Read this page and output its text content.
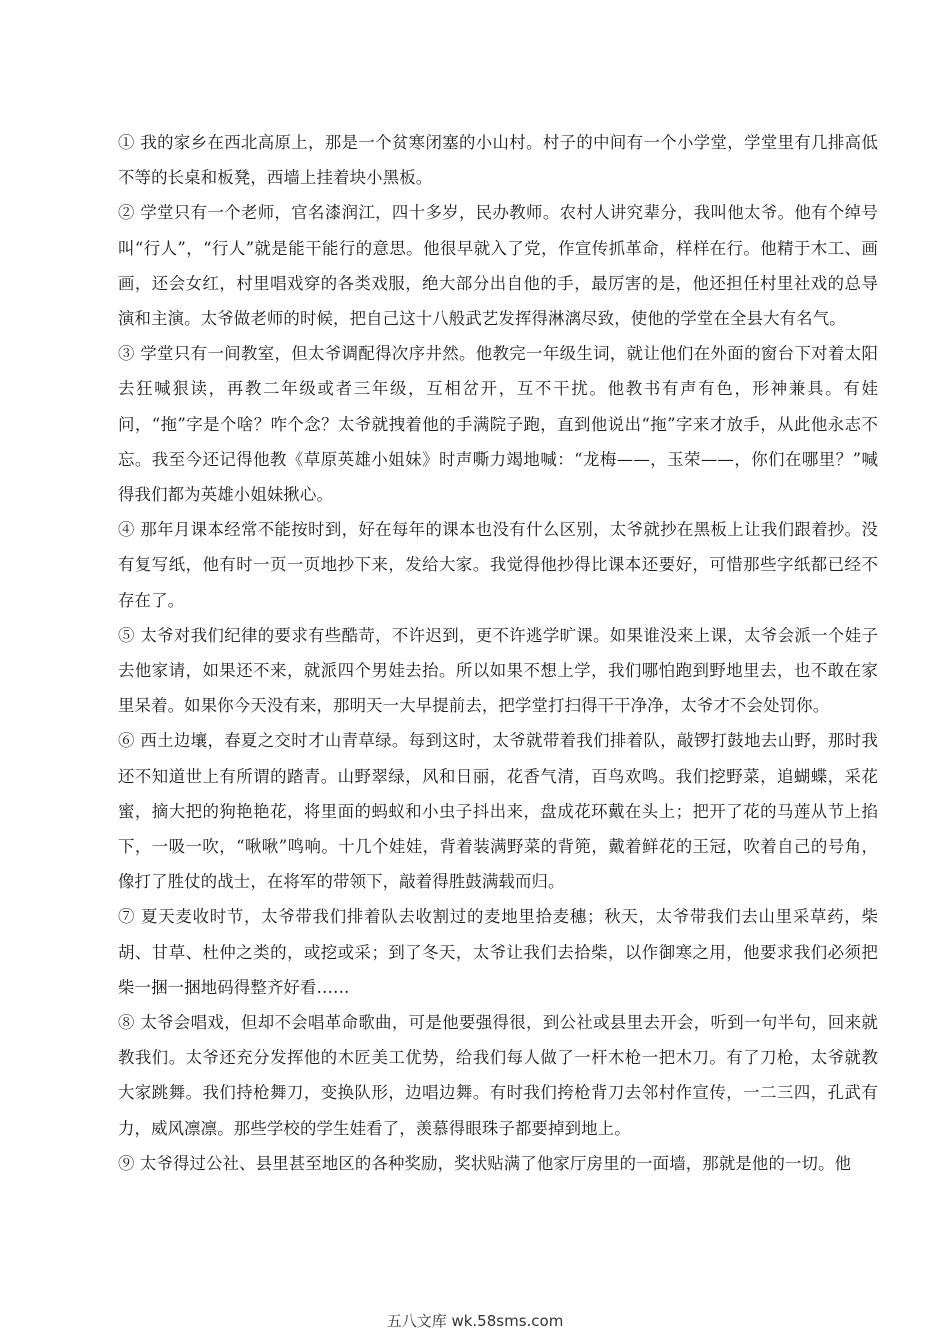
① 我的家乡在西北高原上，那是一个贫寒闭塞的小山村。村子的中间有一个小学堂，学堂里有几排高低不等的长桌和板凳，西墙上挂着块小黑板。

② 学堂只有一个老师，官名漆润江，四十多岁，民办教师。农村人讲究辈分，我叫他太爷。他有个绰号叫“行人”，“行人”就是能干能行的意思。他很早就入了党，作宣传抓革命，样样在行。他精于木工、画画，还会女红，村里唱戏穿的各类戏服，绝大部分出自他的手，最厉害的是，他还担任村里社戏的总导演和主演。太爷做老师的时候，把自己这十八般武艺发挥得淋漓尽致，使他的学堂在全县大有名气。

③ 学堂只有一间教室，但太爷调配得次序井然。他教完一年级生词，就让他们在外面的窗台下对着太阳去狂喊狠读，再教二年级或者三年级，互相岔开，互不干扰。他教书有声有色，形神兼具。有娃问，“拖”字是个啥？咋个念？太爷就拽着他的手满院子跑，直到他说出“拖”字来才放手，从此他永志不忘。我至今还记得他教《草原英雄小姐妹》时声嘶力竭地喊：“龙梅——，玉荣——，你们在哪里？”喊得我们都为英雄小姐妹揪心。

④ 那年月课本经常不能按时到，好在每年的课本也没有什么区别，太爷就抄在黑板上让我们跟着抄。没有复写纸，他有时一页一页地抄下来，发给大家。我觉得他抄得比课本还要好，可惜那些字纸都已经不存在了。

⑤ 太爷对我们纪律的要求有些酷苛，不许迟到，更不许逃学旷课。如果谁没来上课，太爷会派一个娃子去他家请，如果还不来，就派四个男娃去抬。所以如果不想上学，我们哪怕跑到野地里去，也不敢在家里呆着。如果你今天没有来，那明天一大早提前去，把学堂打扫得干干净净，太爷才不会处罚你。

⑥ 西土边壤，春夏之交时才山青草绿。每到这时，太爷就带着我们排着队，敲锣打鼓地去山野，那时我还不知道世上有所谓的踏青。山野翠绿，风和日丽，花香气清，百鸟欢鸣。我们挖野菜，追蝴蝶，采花蜜，摘大把的狗艳艳花，将里面的蚂蚁和小虫子抖出来，盘成花环戴在头上；把开了花的马莲从节上掐下，一吸一吹，“啾啾”鸣响。十几个娃娃，背着装满野菜的背篼，戴着鲜花的王冠，吹着自己的号角，像打了胜仗的战士，在将军的带领下，敲着得胜鼓满载而归。

⑦ 夏天麦收时节，太爷带我们排着队去收割过的麦地里拾麦穗；秋天，太爷带我们去山里采草药，柴胡、甘草、杜仲之类的，或挖或采；到了冬天，太爷让我们去拾柴，以作御寒之用，他要求我们必须把柴一捆一捆地码得整齐好看……

⑧ 太爷会唱戏，但却不会唱革命歌曲，可是他要强得很，到公社或县里去开会，听到一句半句，回来就教我们。太爷还充分发挥他的木匠美工优势，给我们每人做了一杆木枪一把木刀。有了刀枪，太爷就教大家跳舞。我们持枪舞刀，变换队形，边唱边舞。有时我们挎枪背刀去邻村作宣传，一二三四，孔武有力，威风凛凛。那些学校的学生娃看了，羡慕得眼珠子都要掉到地上。

⑨ 太爷得过公社、县里甚至地区的各种奖励，奖状贴满了他家厅房里的一面墙，那就是他的一切。他

五八文库 wk.58sms.com
